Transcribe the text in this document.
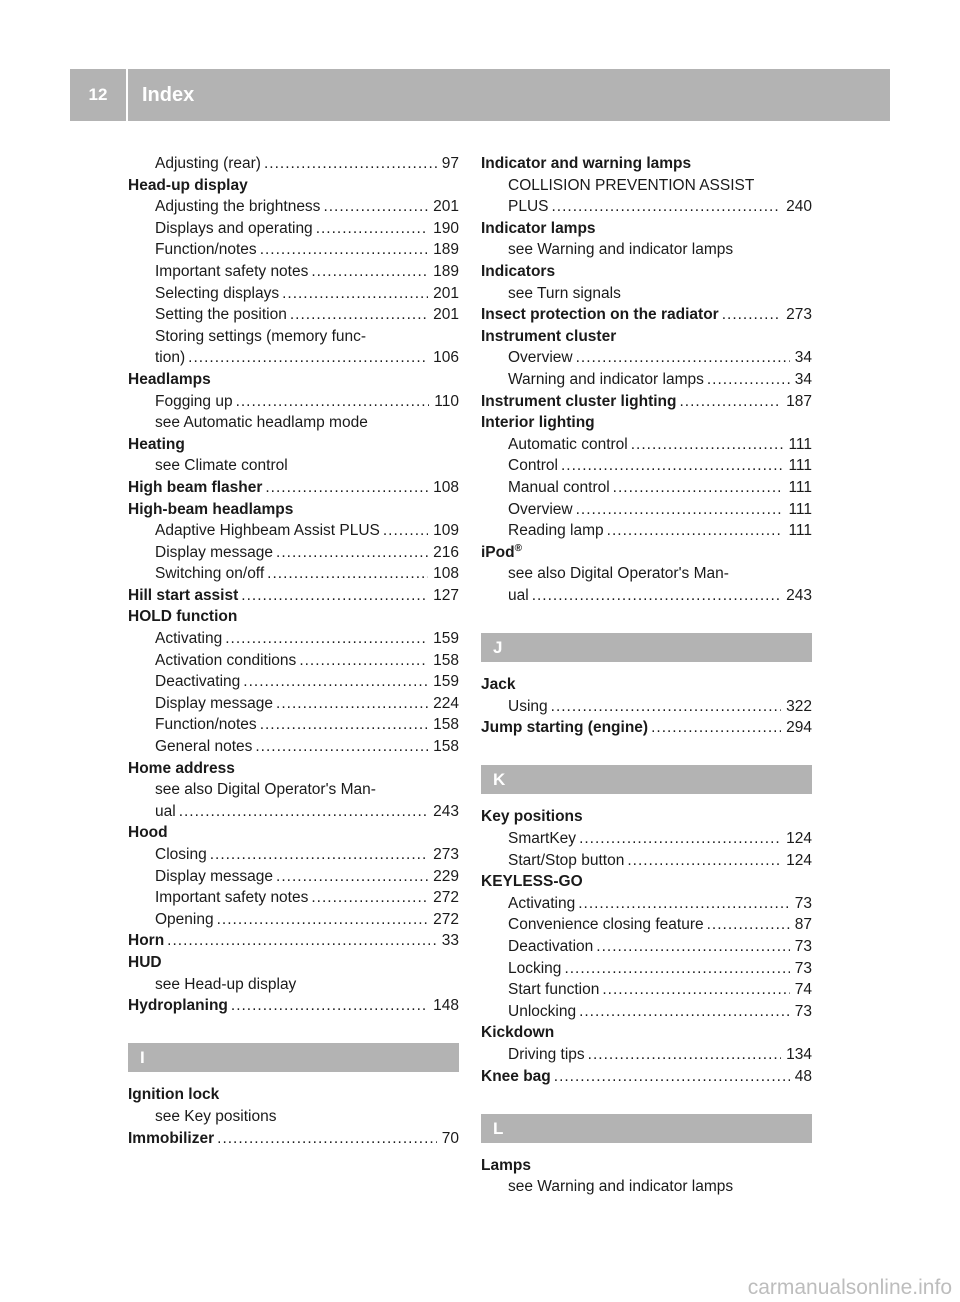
12	Index
Adjusting (rear) .....	97
Head-up display
Adjusting the brightness .....	201
Displays and operating .....	190
Function/notes .....	189
Important safety notes .....	189
Selecting displays .....	201
Setting the position .....	201
Storing settings (memory func-
tion) .....	106
Headlamps
Fogging up .....	110
see Automatic headlamp mode
Heating
see Climate control
High beam flasher .....	108
High-beam headlamps
Adaptive Highbeam Assist PLUS .....	109
Display message .....	216
Switching on/off .....	108
Hill start assist .....	127
HOLD function
Activating .....	159
Activation conditions .....	158
Deactivating .....	159
Display message .....	224
Function/notes .....	158
General notes .....	158
Home address
see also Digital Operator's Man-
ual .....	243
Hood
Closing .....	273
Display message .....	229
Important safety notes .....	272
Opening .....	272
Horn .....	33
HUD
see Head-up display
Hydroplaning .....	148
I
Ignition lock
see Key positions
Immobilizer .....	70
Indicator and warning lamps
COLLISION PREVENTION ASSIST
PLUS .....	240
Indicator lamps
see Warning and indicator lamps
Indicators
see Turn signals
Insect protection on the radiator .....	273
Instrument cluster
Overview .....	34
Warning and indicator lamps .....	34
Instrument cluster lighting .....	187
Interior lighting
Automatic control .....	111
Control .....	111
Manual control .....	111
Overview .....	111
Reading lamp .....	111
iPod®
see also Digital Operator's Man-
ual .....	243
J
Jack
Using .....	322
Jump starting (engine) .....	294
K
Key positions
SmartKey .....	124
Start/Stop button .....	124
KEYLESS-GO
Activating .....	73
Convenience closing feature .....	87
Deactivation .....	73
Locking .....	73
Start function .....	74
Unlocking .....	73
Kickdown
Driving tips .....	134
Knee bag .....	48
L
Lamps
see Warning and indicator lamps
carmanualsonline.info
